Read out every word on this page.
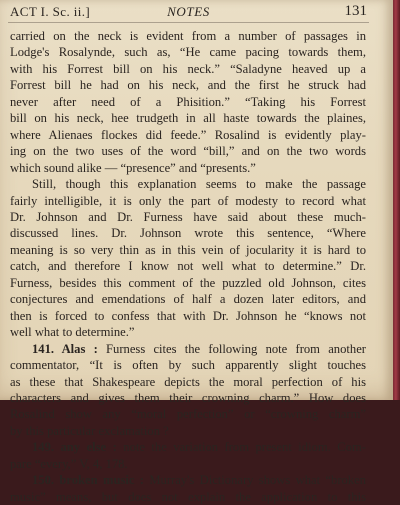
ACT I. Sc. ii.]	NOTES	131
carried on the neck is evident from a number of passages in
Lodge's Rosalynde, such as, “He came pacing towards them,
with his Forrest bill on his neck.” “Saladyne heaved up a
Forrest bill he had on his neck, and the first he struck had
never after need of a Phisition.” “Taking his Forrest
bill on his neck, hee trudgeth in all haste towards the plaines,
where Alienaes flockes did feede.” Rosalind is evidently play-
ing on the two uses of the word “bill,” and on the two words
which sound alike — “presence” and “presents.”
Still, though this explanation seems to make the passage
fairly intelligible, it is only the part of modesty to record what
Dr. Johnson and Dr. Furness have said about these much-
discussed lines. Dr. Johnson wrote this sentence, “Where
meaning is so very thin as in this vein of jocularity it is hard to
catch, and therefore I know not well what to determine.” Dr.
Furness, besides this comment of the puzzled old Johnson, cites
conjectures and emendations of half a dozen later editors, and
then is forced to confess that with Dr. Johnson he “knows not
well what to determine.”
141. Alas : Furness cites the following note from another
commentator, “It is often by such apparently slight touches
as these that Shakespeare depicts the moral perfection of his
characters and gives them their crowning charm.” How does
Rosalind show any “moral perfection” or “crowning charm”
by this particular exclamation ?
149. any else : note the variation from present idiom. Com-
pare “every,” V, 4, 178.
150. broken music : Murray's Dictionary shows what “broken
music” means, but does not explain the application to this
